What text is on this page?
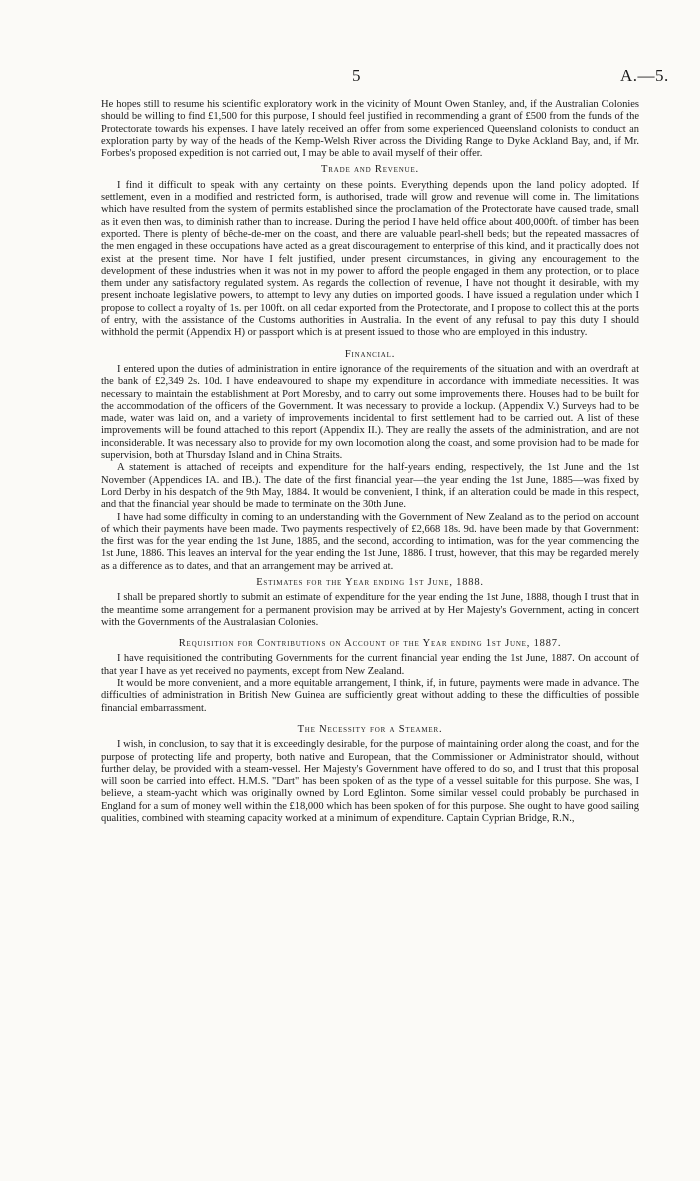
5	A.—5.

He hopes still to resume his scientific exploratory work in the vicinity of Mount Owen Stanley, and, if the Australian Colonies should be willing to find £1,500 for this purpose, I should feel justified in recommending a grant of £500 from the funds of the Protectorate towards his expenses. I have lately received an offer from some experienced Queensland colonists to conduct an exploration party by way of the heads of the Kemp-Welsh River across the Dividing Range to Dyke Ackland Bay, and, if Mr. Forbes's proposed expedition is not carried out, I may be able to avail myself of their offer.

Trade and Revenue.

I find it difficult to speak with any certainty on these points. Everything depends upon the land policy adopted. If settlement, even in a modified and restricted form, is authorised, trade will grow and revenue will come in. The limitations which have resulted from the system of permits established since the proclamation of the Protectorate have caused trade, small as it even then was, to diminish rather than to increase. During the period I have held office about 400,000ft. of timber has been exported. There is plenty of bêche-de-mer on the coast, and there are valuable pearl-shell beds; but the repeated massacres of the men engaged in these occupations have acted as a great discouragement to enterprise of this kind, and it practically does not exist at the present time. Nor have I felt justified, under present circumstances, in giving any encouragement to the development of these industries when it was not in my power to afford the people engaged in them any protection, or to place them under any satisfactory regulated system. As regards the collection of revenue, I have not thought it desirable, with my present inchoate legislative powers, to attempt to levy any duties on imported goods. I have issued a regulation under which I propose to collect a royalty of 1s. per 100ft. on all cedar exported from the Protectorate, and I propose to collect this at the ports of entry, with the assistance of the Customs authorities in Australia. In the event of any refusal to pay this duty I should withhold the permit (Appendix H) or passport which is at present issued to those who are employed in this industry.

Financial.

I entered upon the duties of administration in entire ignorance of the requirements of the situation and with an overdraft at the bank of £2,349 2s. 10d. I have endeavoured to shape my expenditure in accordance with immediate necessities. It was necessary to maintain the establishment at Port Moresby, and to carry out some improvements there. Houses had to be built for the accommodation of the officers of the Government. It was necessary to provide a lockup. (Appendix V.) Surveys had to be made, water was laid on, and a variety of improvements incidental to first settlement had to be carried out. A list of these improvements will be found attached to this report (Appendix II.). They are really the assets of the administration, and are not inconsiderable. It was necessary also to provide for my own locomotion along the coast, and some provision had to be made for supervision, both at Thursday Island and in China Straits.

A statement is attached of receipts and expenditure for the half-years ending, respectively, the 1st June and the 1st November (Appendices IA. and IB.). The date of the first financial year—the year ending the 1st June, 1885—was fixed by Lord Derby in his despatch of the 9th May, 1884. It would be convenient, I think, if an alteration could be made in this respect, and that the financial year should be made to terminate on the 30th June.

I have had some difficulty in coming to an understanding with the Government of New Zealand as to the period on account of which their payments have been made. Two payments respectively of £2,668 18s. 9d. have been made by that Government: the first was for the year ending the 1st June, 1885, and the second, according to intimation, was for the year commencing the 1st June, 1886. This leaves an interval for the year ending the 1st June, 1886. I trust, however, that this may be regarded merely as a difference as to dates, and that an arrangement may be arrived at.

Estimates for the Year ending 1st June, 1888.

I shall be prepared shortly to submit an estimate of expenditure for the year ending the 1st June, 1888, though I trust that in the meantime some arrangement for a permanent provision may be arrived at by Her Majesty's Government, acting in concert with the Governments of the Australasian Colonies.

Requisition for Contributions on Account of the Year ending 1st June, 1887.

I have requisitioned the contributing Governments for the current financial year ending the 1st June, 1887. On account of that year I have as yet received no payments, except from New Zealand.

It would be more convenient, and a more equitable arrangement, I think, if, in future, payments were made in advance. The difficulties of administration in British New Guinea are sufficiently great without adding to these the difficulties of possible financial embarrassment.

The Necessity for a Steamer.

I wish, in conclusion, to say that it is exceedingly desirable, for the purpose of maintaining order along the coast, and for the purpose of protecting life and property, both native and European, that the Commissioner or Administrator should, without further delay, be provided with a steam-vessel. Her Majesty's Government have offered to do so, and I trust that this proposal will soon be carried into effect. H.M.S. "Dart" has been spoken of as the type of a vessel suitable for this purpose. She was, I believe, a steam-yacht which was originally owned by Lord Eglinton. Some similar vessel could probably be purchased in England for a sum of money well within the £18,000 which has been spoken of for this purpose. She ought to have good sailing qualities, combined with steaming capacity worked at a minimum of expenditure. Captain Cyprian Bridge, R.N.,
